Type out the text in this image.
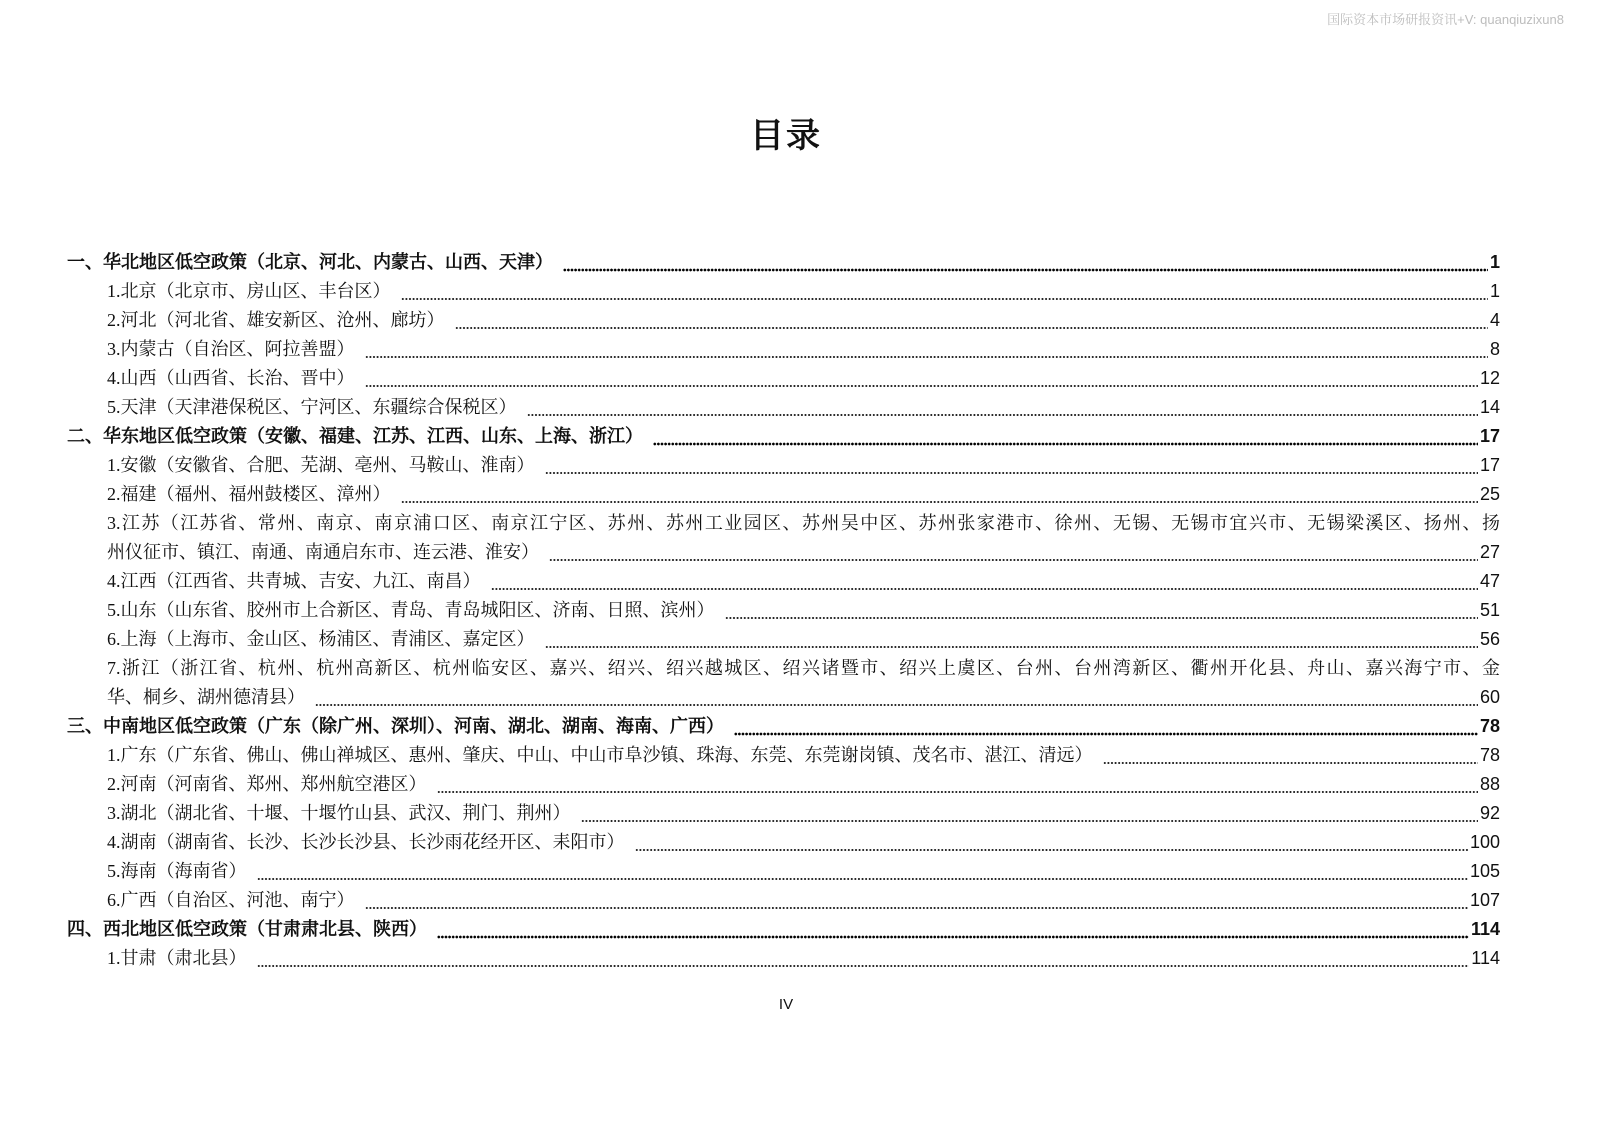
国际资本市场研报资讯+V: quanqiuzixun8
目录
一、华北地区低空政策（北京、河北、内蒙古、山西、天津）	1
1.北京（北京市、房山区、丰台区）	1
2.河北（河北省、雄安新区、沧州、廊坊）	4
3.内蒙古（自治区、阿拉善盟）	8
4.山西（山西省、长治、晋中）	12
5.天津（天津港保税区、宁河区、东疆综合保税区）	14
二、华东地区低空政策（安徽、福建、江苏、江西、山东、上海、浙江）	17
1.安徽（安徽省、合肥、芜湖、亳州、马鞍山、淮南）	17
2.福建（福州、福州鼓楼区、漳州）	25
3.江苏（江苏省、常州、南京、南京浦口区、南京江宁区、苏州、苏州工业园区、苏州吴中区、苏州张家港市、徐州、无锡、无锡市宜兴市、无锡梁溪区、扬州、扬
州仪征市、镇江、南通、南通启东市、连云港、淮安）	27
4.江西（江西省、共青城、吉安、九江、南昌）	47
5.山东（山东省、胶州市上合新区、青岛、青岛城阳区、济南、日照、滨州）	51
6.上海（上海市、金山区、杨浦区、青浦区、嘉定区）	56
7.浙江（浙江省、杭州、杭州高新区、杭州临安区、嘉兴、绍兴、绍兴越城区、绍兴诸暨市、绍兴上虞区、台州、台州湾新区、衢州开化县、舟山、嘉兴海宁市、金
华、桐乡、湖州德清县）	60
三、中南地区低空政策（广东（除广州、深圳）、河南、湖北、湖南、海南、广西）	78
1.广东（广东省、佛山、佛山禅城区、惠州、肇庆、中山、中山市阜沙镇、珠海、东莞、东莞谢岗镇、茂名市、湛江、清远）	78
2.河南（河南省、郑州、郑州航空港区）	88
3.湖北（湖北省、十堰、十堰竹山县、武汉、荆门、荆州）	92
4.湖南（湖南省、长沙、长沙长沙县、长沙雨花经开区、耒阳市）	100
5.海南（海南省）	105
6.广西（自治区、河池、南宁）	107
四、西北地区低空政策（甘肃肃北县、陕西）	114
1.甘肃（肃北县）	114
IV
